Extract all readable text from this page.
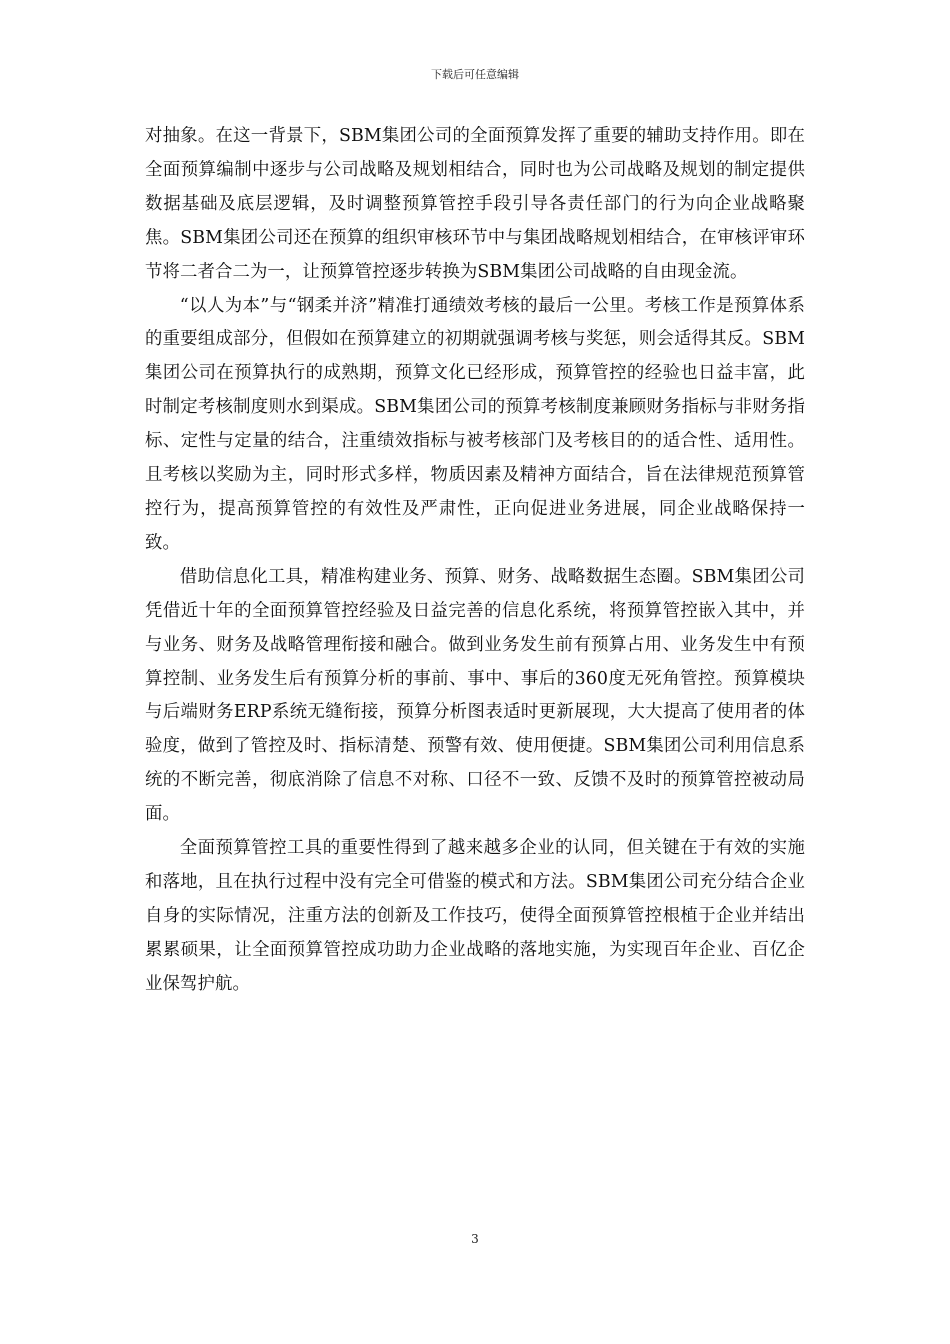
下载后可任意编辑

对抽象。在这一背景下，SBM集团公司的全面预算发挥了重要的辅助支持作用。即在全面预算编制中逐步与公司战略及规划相结合，同时也为公司战略及规划的制定提供数据基础及底层逻辑，及时调整预算管控手段引导各责任部门的行为向企业战略聚焦。SBM集团公司还在预算的组织审核环节中与集团战略规划相结合，在审核评审环节将二者合二为一，让预算管控逐步转换为SBM集团公司战略的自由现金流。

“以人为本”与“钢柔并济”精准打通绩效考核的最后一公里。考核工作是预算体系的重要组成部分，但假如在预算建立的初期就强调考核与奖惩，则会适得其反。SBM集团公司在预算执行的成熟期，预算文化已经形成，预算管控的经验也日益丰富，此时制定考核制度则水到渠成。SBM集团公司的预算考核制度兼顾财务指标与非财务指标、定性与定量的结合，注重绩效指标与被考核部门及考核目的的适合性、适用性。且考核以奖励为主，同时形式多样，物质因素及精神方面结合，旨在法律规范预算管控行为，提高预算管控的有效性及严肃性，正向促进业务进展，同企业战略保持一致。

借助信息化工具，精准构建业务、预算、财务、战略数据生态圈。SBM集团公司凭借近十年的全面预算管控经验及日益完善的信息化系统，将预算管控嵌入其中，并与业务、财务及战略管理衔接和融合。做到业务发生前有预算占用、业务发生中有预算控制、业务发生后有预算分析的事前、事中、事后的360度无死角管控。预算模块与后端财务ERP系统无缝衔接，预算分析图表适时更新展现，大大提高了使用者的体验度，做到了管控及时、指标清楚、预警有效、使用便捷。SBM集团公司利用信息系统的不断完善，彻底消除了信息不对称、口径不一致、反馈不及时的预算管控被动局面。

全面预算管控工具的重要性得到了越来越多企业的认同，但关键在于有效的实施和落地，且在执行过程中没有完全可借鉴的模式和方法。SBM集团公司充分结合企业自身的实际情况，注重方法的创新及工作技巧，使得全面预算管控根植于企业并结出累累硕果，让全面预算管控成功助力企业战略的落地实施，为实现百年企业、百亿企业保驾护航。

3
